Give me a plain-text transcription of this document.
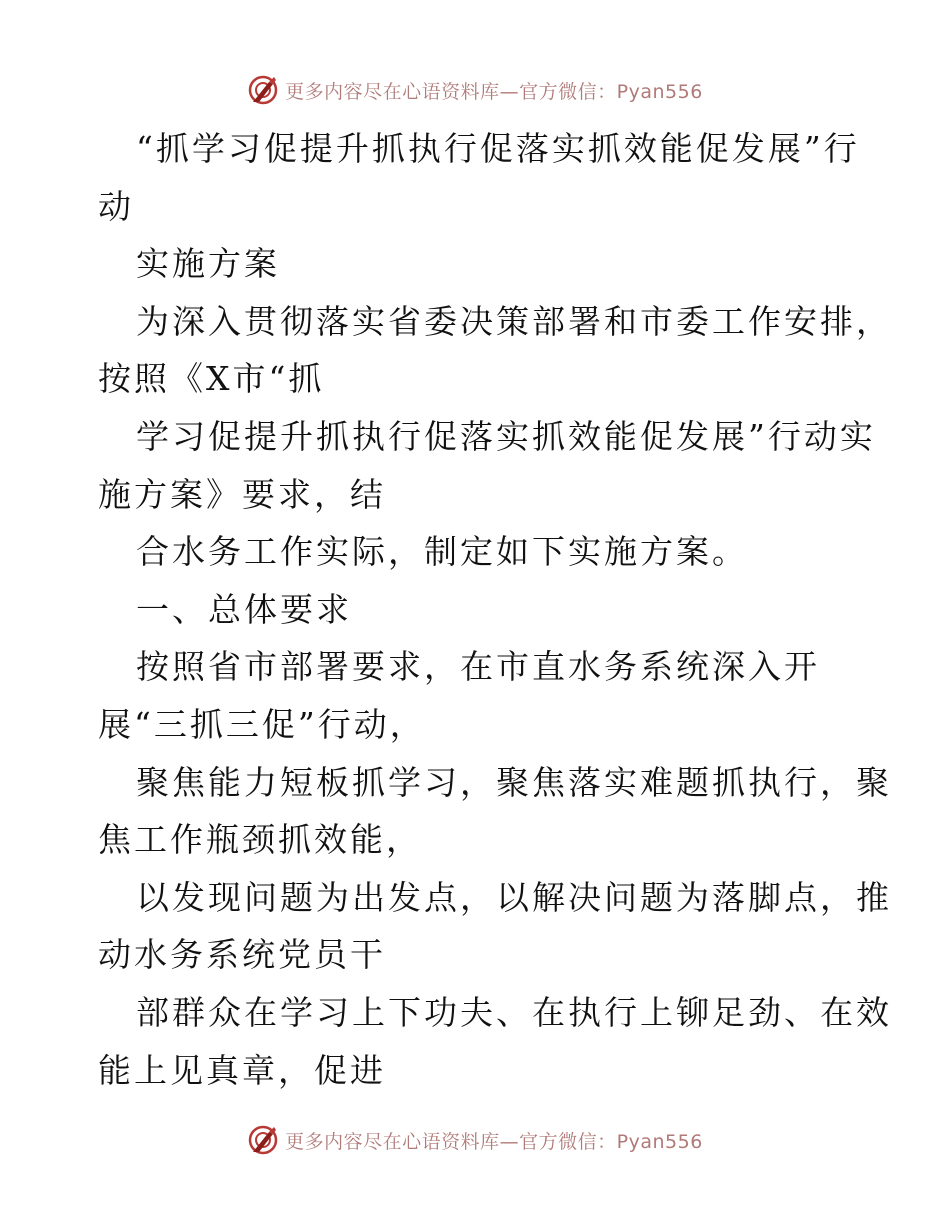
更多内容尽在心语资料库—官方微信：Pyan556
“抓学习促提升抓执行促落实抓效能促发展”行
动
实施方案
为深入贯彻落实省委决策部署和市委工作安排，
按照《X市“抓
学习促提升抓执行促落实抓效能促发展”行动实
施方案》要求，结
合水务工作实际，制定如下实施方案。
一、总体要求
按照省市部署要求，在市直水务系统深入开
展“三抓三促”行动，
聚焦能力短板抓学习，聚焦落实难题抓执行，聚
焦工作瓶颈抓效能，
以发现问题为出发点，以解决问题为落脚点，推
动水务系统党员干
部群众在学习上下功夫、在执行上铆足劲、在效
能上见真章，促进
更多内容尽在心语资料库—官方微信：Pyan556
